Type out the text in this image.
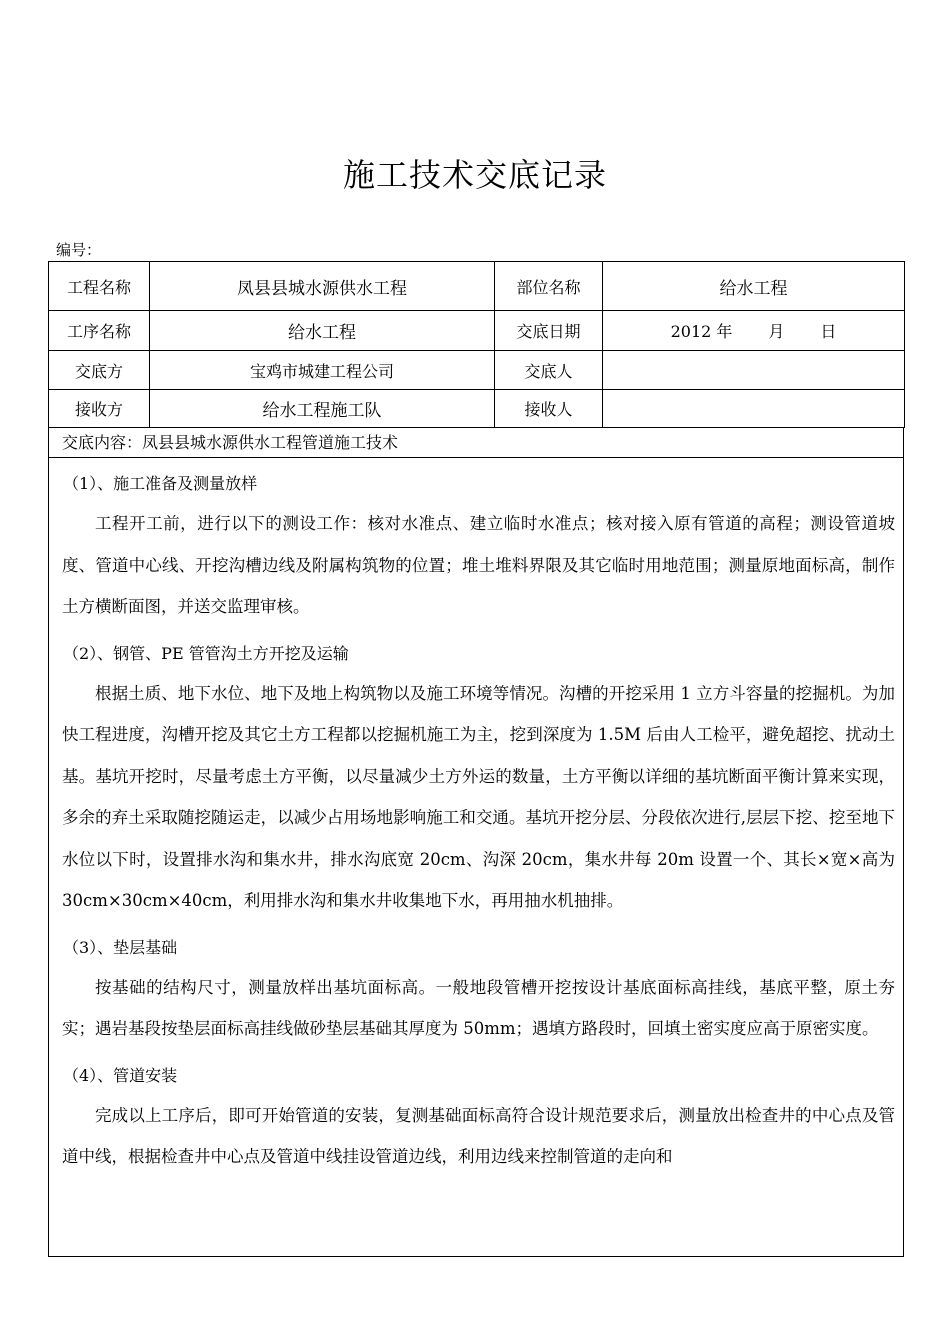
施工技术交底记录
编号：
工程名称	凤县县城水源供水工程	部位名称	给水工程
工序名称	给水工程	交底日期	2012 年 月 日
交底方	宝鸡市城建工程公司	交底人	
接收方	给水工程施工队	接收人	
交底内容：凤县县城水源供水工程管道施工技术
（1）、施工准备及测量放样

工程开工前，进行以下的测设工作：核对水准点、建立临时水准点；核对接入原有管道的高程；测设管道坡度、管道中心线、开挖沟槽边线及附属构筑物的位置；堆土堆料界限及其它临时用地范围；测量原地面标高，制作土方横断面图，并送交监理审核。

（2）、钢管、PE 管管沟土方开挖及运输

根据土质、地下水位、地下及地上构筑物以及施工环境等情况。沟槽的开挖采用 1 立方斗容量的挖掘机。为加快工程进度，沟槽开挖及其它土方工程都以挖掘机施工为主，挖到深度为 1.5M 后由人工检平，避免超挖、扰动土基。基坑开挖时，尽量考虑土方平衡，以尽量减少土方外运的数量，土方平衡以详细的基坑断面平衡计算来实现，多余的弃土采取随挖随运走，以减少占用场地影响施工和交通。基坑开挖分层、分段依次进行,层层下挖、挖至地下水位以下时，设置排水沟和集水井，排水沟底宽 20cm、沟深 20cm，集水井每 20m 设置一个、其长×宽×高为 30cm×30cm×40cm，利用排水沟和集水井收集地下水，再用抽水机抽排。

（3）、垫层基础

按基础的结构尺寸，测量放样出基坑面标高。一般地段管槽开挖按设计基底面标高挂线，基底平整，原土夯实；遇岩基段按垫层面标高挂线做砂垫层基础其厚度为 50mm；遇填方路段时，回填土密实度应高于原密实度。

（4）、管道安装

完成以上工序后，即可开始管道的安装，复测基础面标高符合设计规范要求后，测量放出检查井的中心点及管道中线，根据检查井中心点及管道中线挂设管道边线，利用边线来控制管道的走向和
